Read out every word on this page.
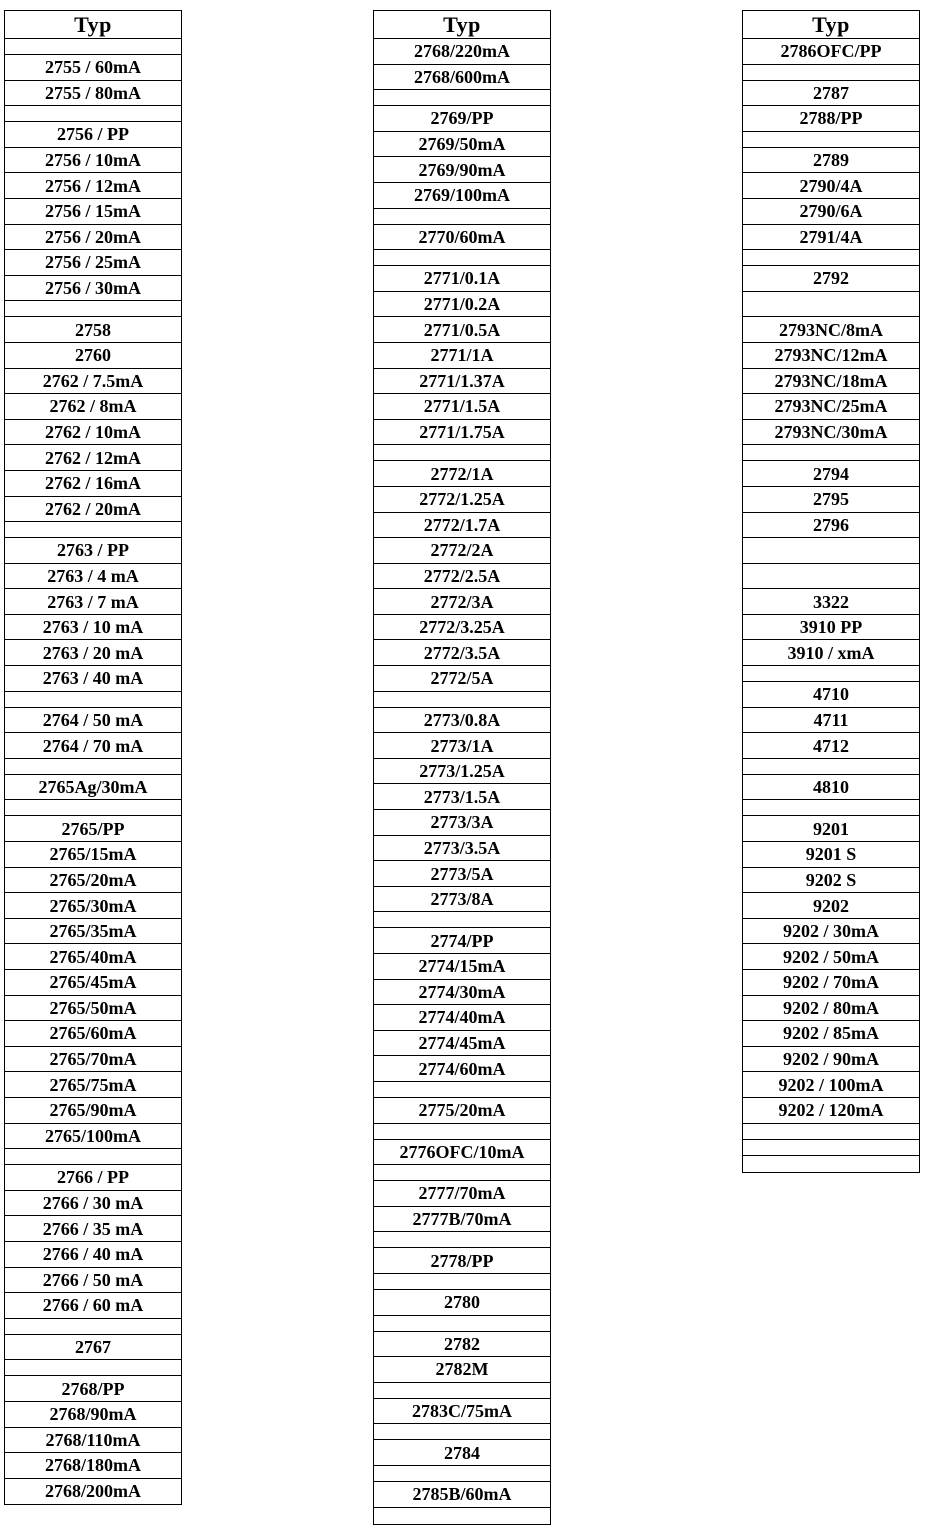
Typ
2755 / 60mA
2755 / 80mA
2756 / PP
2756 / 10mA
2756 / 12mA
2756 / 15mA
2756 / 20mA
2756 / 25mA
2756 / 30mA
2758
2760
2762 / 7.5mA
2762 / 8mA
2762 / 10mA
2762 / 12mA
2762 / 16mA
2762 / 20mA
2763 / PP
2763 / 4 mA
2763 / 7 mA
2763 / 10 mA
2763 / 20 mA
2763 / 40 mA
2764 / 50 mA
2764 / 70 mA
2765Ag/30mA
2765/PP
2765/15mA
2765/20mA
2765/30mA
2765/35mA
2765/40mA
2765/45mA
2765/50mA
2765/60mA
2765/70mA
2765/75mA
2765/90mA
2765/100mA
2766 / PP
2766 / 30 mA
2766 / 35 mA
2766 / 40 mA
2766 / 50 mA
2766 / 60 mA
2767
2768/PP
2768/90mA
2768/110mA
2768/180mA
2768/200mA
Typ
2768/220mA
2768/600mA
2769/PP
2769/50mA
2769/90mA
2769/100mA
2770/60mA
2771/0.1A
2771/0.2A
2771/0.5A
2771/1A
2771/1.37A
2771/1.5A
2771/1.75A
2772/1A
2772/1.25A
2772/1.7A
2772/2A
2772/2.5A
2772/3A
2772/3.25A
2772/3.5A
2772/5A
2773/0.8A
2773/1A
2773/1.25A
2773/1.5A
2773/3A
2773/3.5A
2773/5A
2773/8A
2774/PP
2774/15mA
2774/30mA
2774/40mA
2774/45mA
2774/60mA
2775/20mA
2776OFC/10mA
2777/70mA
2777B/70mA
2778/PP
2780
2782
2782M
2783C/75mA
2784
2785B/60mA
Typ
2786OFC/PP
2787
2788/PP
2789
2790/4A
2790/6A
2791/4A
2792
2793NC/8mA
2793NC/12mA
2793NC/18mA
2793NC/25mA
2793NC/30mA
2794
2795
2796
3322
3910 PP
3910 / xmA
4710
4711
4712
4810
9201
9201 S
9202 S
9202
9202 / 30mA
9202 / 50mA
9202 / 70mA
9202 / 80mA
9202 / 85mA
9202 / 90mA
9202 / 100mA
9202 / 120mA
